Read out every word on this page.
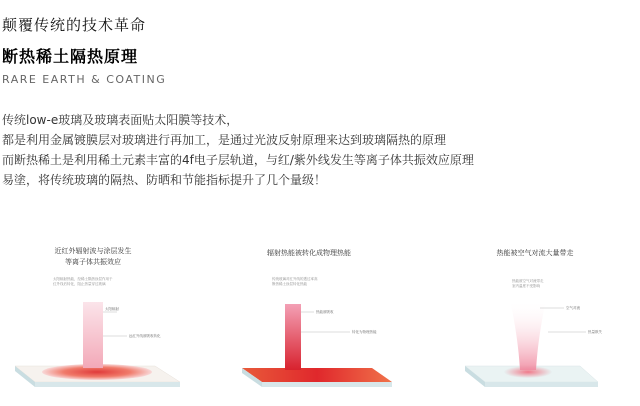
颠覆传统的技术革命
断热稀土隔热原理
RARE EARTH & COATING
传统low-e玻璃及玻璃表面贴太阳膜等技术，
都是利用金属镀膜层对玻璃进行再加工，是通过光波反射原理来达到玻璃隔热的原理
而断热稀土是利用稀土元素丰富的4f电子层轨道，与红/紫外线发生等离子体共振效应原理
易塗，将传统玻璃的隔热、防晒和节能指标提升了几个量级！
近红外辐射波与涂层发生
等离子体共振效应
太阳辐射热能，经稀土隔热涂层作用于
红外线后转化，阻止热量穿过玻璃
太阳辐射
远红外线被吸收转化
辐射热能被转化成物理热能
传统玻璃对红外线的透过率高
断热稀土涂层转化热能
热能被吸收
转化为物理热能
热能被空气对流大量带走
热能被空气对流带走
室内温度不受影响
空气对流
热量散失
